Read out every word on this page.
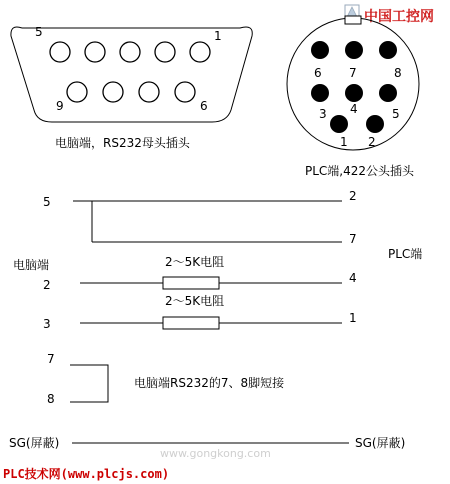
中国工控网
5	1
9	6
电脑端，RS232母头插头
6 7	8
3 4	5
1 2
PLC端,422公头插头
5	2
7
电脑端
PLC端
2
2～5K电阻
4
3
2～5K电阻
1
7
8
电脑端RS232的7、8脚短接
SG(屏蔽)	SG(屏蔽)
www.gongkong.com
PLC技术网(www.plcjs.com)
